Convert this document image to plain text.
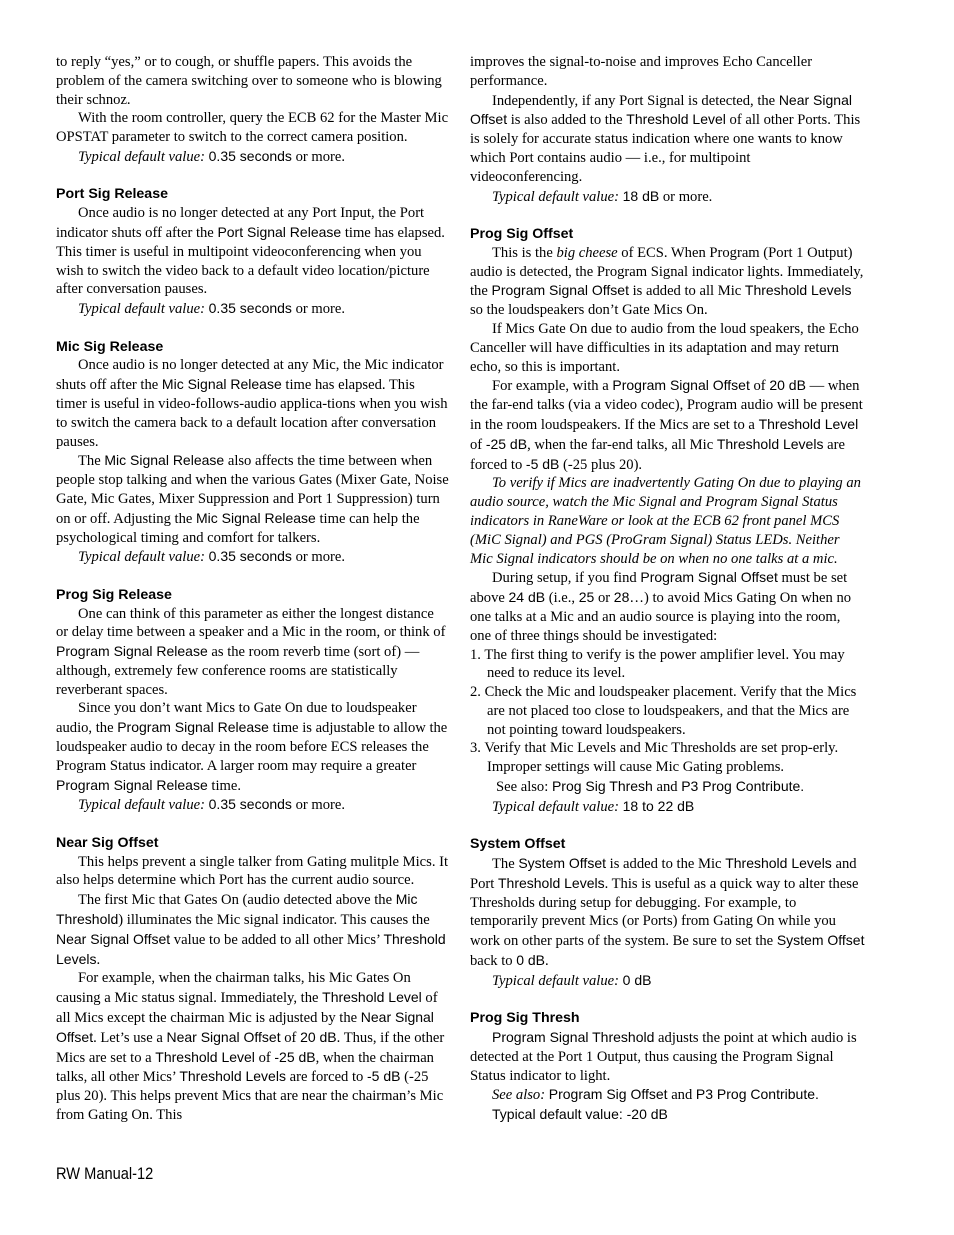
to reply “yes,” or to cough, or shuffle papers. This avoids the problem of the camera switching over to someone who is blowing their schnoz.

With the room controller, query the ECB 62 for the Master Mic OPSTAT parameter to switch to the correct camera position.

Typical default value: 0.35 seconds or more.

Port Sig Release

Once audio is no longer detected at any Port Input, the Port indicator shuts off after the Port Signal Release time has elapsed. This timer is useful in multipoint videoconferencing when you wish to switch the video back to a default video location/picture after conversation pauses.

Typical default value: 0.35 seconds or more.

Mic Sig Release

Once audio is no longer detected at any Mic, the Mic indicator shuts off after the Mic Signal Release time has elapsed. This timer is useful in video-follows-audio applica-tions when you wish to switch the camera back to a default location after conversation pauses.

The Mic Signal Release also affects the time between when people stop talking and when the various Gates (Mixer Gate, Noise Gate, Mic Gates, Mixer Suppression and Port 1 Suppression) turn on or off. Adjusting the Mic Signal Release time can help the psychological timing and comfort for talkers.

Typical default value: 0.35 seconds or more.

Prog Sig Release

One can think of this parameter as either the longest distance or delay time between a speaker and a Mic in the room, or think of Program Signal Release as the room reverb time (sort of) — although, extremely few conference rooms are statistically reverberant spaces.

Since you don’t want Mics to Gate On due to loudspeaker audio, the Program Signal Release time is adjustable to allow the loudspeaker audio to decay in the room before ECS releases the Program Status indicator. A larger room may require a greater Program Signal Release time.

Typical default value: 0.35 seconds or more.

Near Sig Offset

This helps prevent a single talker from Gating mulitple Mics. It also helps determine which Port has the current audio source.

The first Mic that Gates On (audio detected above the Mic Threshold) illuminates the Mic signal indicator. This causes the Near Signal Offset value to be added to all other Mics’ Threshold Levels.

For example, when the chairman talks, his Mic Gates On causing a Mic status signal. Immediately, the Threshold Level of all Mics except the chairman Mic is adjusted by the Near Signal Offset. Let’s use a Near Signal Offset of 20 dB. Thus, if the other Mics are set to a Threshold Level of -25 dB, when the chairman talks, all other Mics’ Threshold Levels are forced to -5 dB (-25 plus 20). This helps prevent Mics that are near the chairman’s Mic from Gating On. This

improves the signal-to-noise and improves Echo Canceller performance.

Independently, if any Port Signal is detected, the Near Signal Offset is also added to the Threshold Level of all other Ports. This is solely for accurate status indication where one wants to know which Port contains audio — i.e., for multipoint videoconferencing.

Typical default value: 18 dB or more.

Prog Sig Offset

This is the big cheese of ECS. When Program (Port 1 Output) audio is detected, the Program Signal indicator lights. Immediately, the Program Signal Offset is added to all Mic Threshold Levels so the loudspeakers don’t Gate Mics On.

If Mics Gate On due to audio from the loud speakers, the Echo Canceller will have difficulties in its adaptation and may return echo, so this is important.

For example, with a Program Signal Offset of 20 dB — when the far-end talks (via a video codec), Program audio will be present in the room loudspeakers. If the Mics are set to a Threshold Level of -25 dB, when the far-end talks, all Mic Threshold Levels are forced to -5 dB (-25 plus 20).

To verify if Mics are inadvertently Gating On due to playing an audio source, watch the Mic Signal and Program Signal Status indicators in RaneWare or look at the ECB 62 front panel MCS (MiC Signal) and PGS (ProGram Signal) Status LEDs. Neither Mic Signal indicators should be on when no one talks at a mic.

During setup, if you find Program Signal Offset must be set above 24 dB (i.e., 25 or 28…) to avoid Mics Gating On when no one talks at a Mic and an audio source is playing into the room, one of three things should be investigated:

1. The first thing to verify is the power amplifier level. You may need to reduce its level.

2. Check the Mic and loudspeaker placement. Verify that the Mics are not placed too close to loudspeakers, and that the Mics are not pointing toward loudspeakers.

3. Verify that Mic Levels and Mic Thresholds are set prop-erly. Improper settings will cause Mic Gating problems.

See also: Prog Sig Thresh and P3 Prog Contribute.

Typical default value: 18 to 22 dB

System Offset

The System Offset is added to the Mic Threshold Levels and Port Threshold Levels. This is useful as a quick way to alter these Thresholds during setup for debugging. For example, to temporarily prevent Mics (or Ports) from Gating On while you work on other parts of the system. Be sure to set the System Offset back to 0 dB.

Typical default value: 0 dB

Prog Sig Thresh

Program Signal Threshold adjusts the point at which audio is detected at the Port 1 Output, thus causing the Program Signal Status indicator to light.

See also: Program Sig Offset and P3 Prog Contribute.

Typical default value: -20 dB

RW Manual-12
